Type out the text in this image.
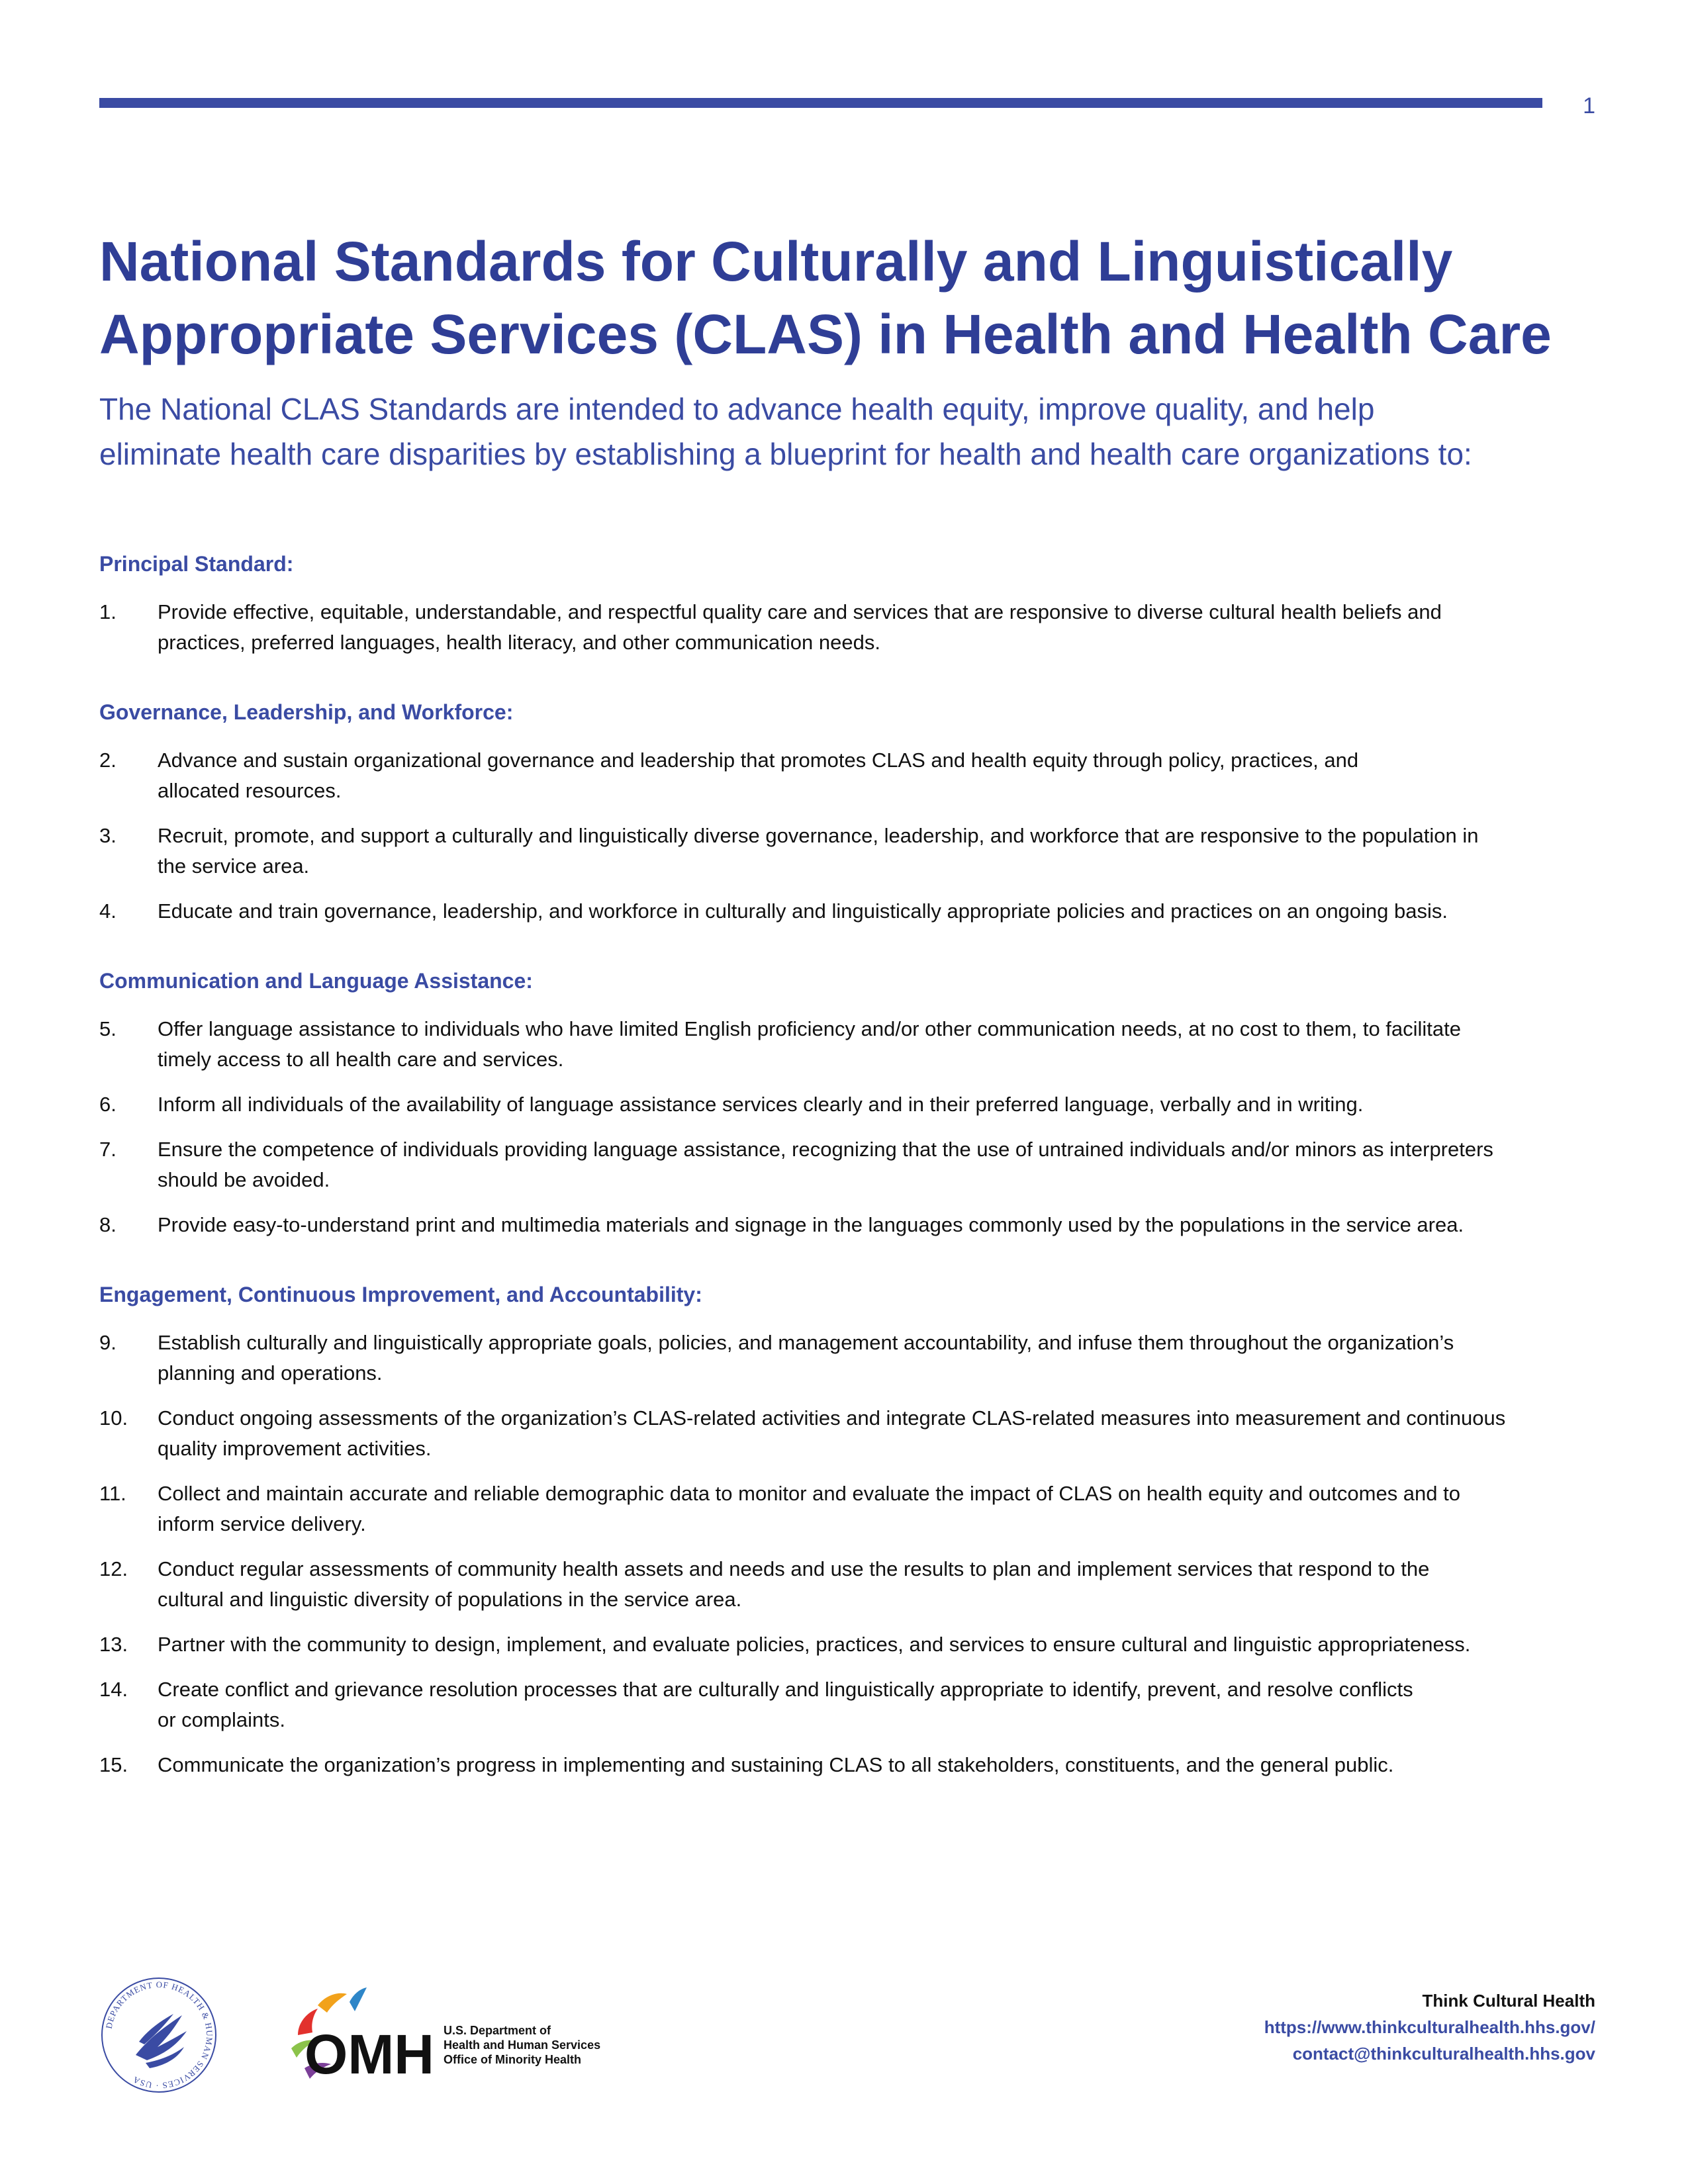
1
National Standards for Culturally and Linguistically
Appropriate Services (CLAS) in Health and Health Care

The National CLAS Standards are intended to advance health equity, improve quality, and help
eliminate health care disparities by establishing a blueprint for health and health care organizations to:

Principal Standard:
1.	Provide effective, equitable, understandable, and respectful quality care and services that are responsive to diverse cultural health beliefs and
practices, preferred languages, health literacy, and other communication needs.
Governance, Leadership, and Workforce:
2.	Advance and sustain organizational governance and leadership that promotes CLAS and health equity through policy, practices, and
allocated resources.
3.	Recruit, promote, and support a culturally and linguistically diverse governance, leadership, and workforce that are responsive to the population in
the service area.
4.	Educate and train governance, leadership, and workforce in culturally and linguistically appropriate policies and practices on an ongoing basis.
Communication and Language Assistance:
5.	Offer language assistance to individuals who have limited English proficiency and/or other communication needs, at no cost to them, to facilitate
timely access to all health care and services.
6.	Inform all individuals of the availability of language assistance services clearly and in their preferred language, verbally and in writing.
7.	Ensure the competence of individuals providing language assistance, recognizing that the use of untrained individuals and/or minors as interpreters
should be avoided.
8.	Provide easy-to-understand print and multimedia materials and signage in the languages commonly used by the populations in the service area.
Engagement, Continuous Improvement, and Accountability:
9.	Establish culturally and linguistically appropriate goals, policies, and management accountability, and infuse them throughout the organization’s
planning and operations.
10.	Conduct ongoing assessments of the organization’s CLAS-related activities and integrate CLAS-related measures into measurement and continuous
quality improvement activities.
11.	Collect and maintain accurate and reliable demographic data to monitor and evaluate the impact of CLAS on health equity and outcomes and to
inform service delivery.
12.	Conduct regular assessments of community health assets and needs and use the results to plan and implement services that respond to the
cultural and linguistic diversity of populations in the service area.
13.	Partner with the community to design, implement, and evaluate policies, practices, and services to ensure cultural and linguistic appropriateness.
14.	Create conflict and grievance resolution processes that are culturally and linguistically appropriate to identify, prevent, and resolve conflicts
or complaints.
15.	Communicate the organization’s progress in implementing and sustaining CLAS to all stakeholders, constituents, and the general public.
DEPARTMENT OF HEALTH & HUMAN SERVICES · USA	OMH U.S. Department of
Health and Human Services
Office of Minority Health
Think Cultural Health
https://www.thinkculturalhealth.hhs.gov/
contact@thinkculturalhealth.hhs.gov
